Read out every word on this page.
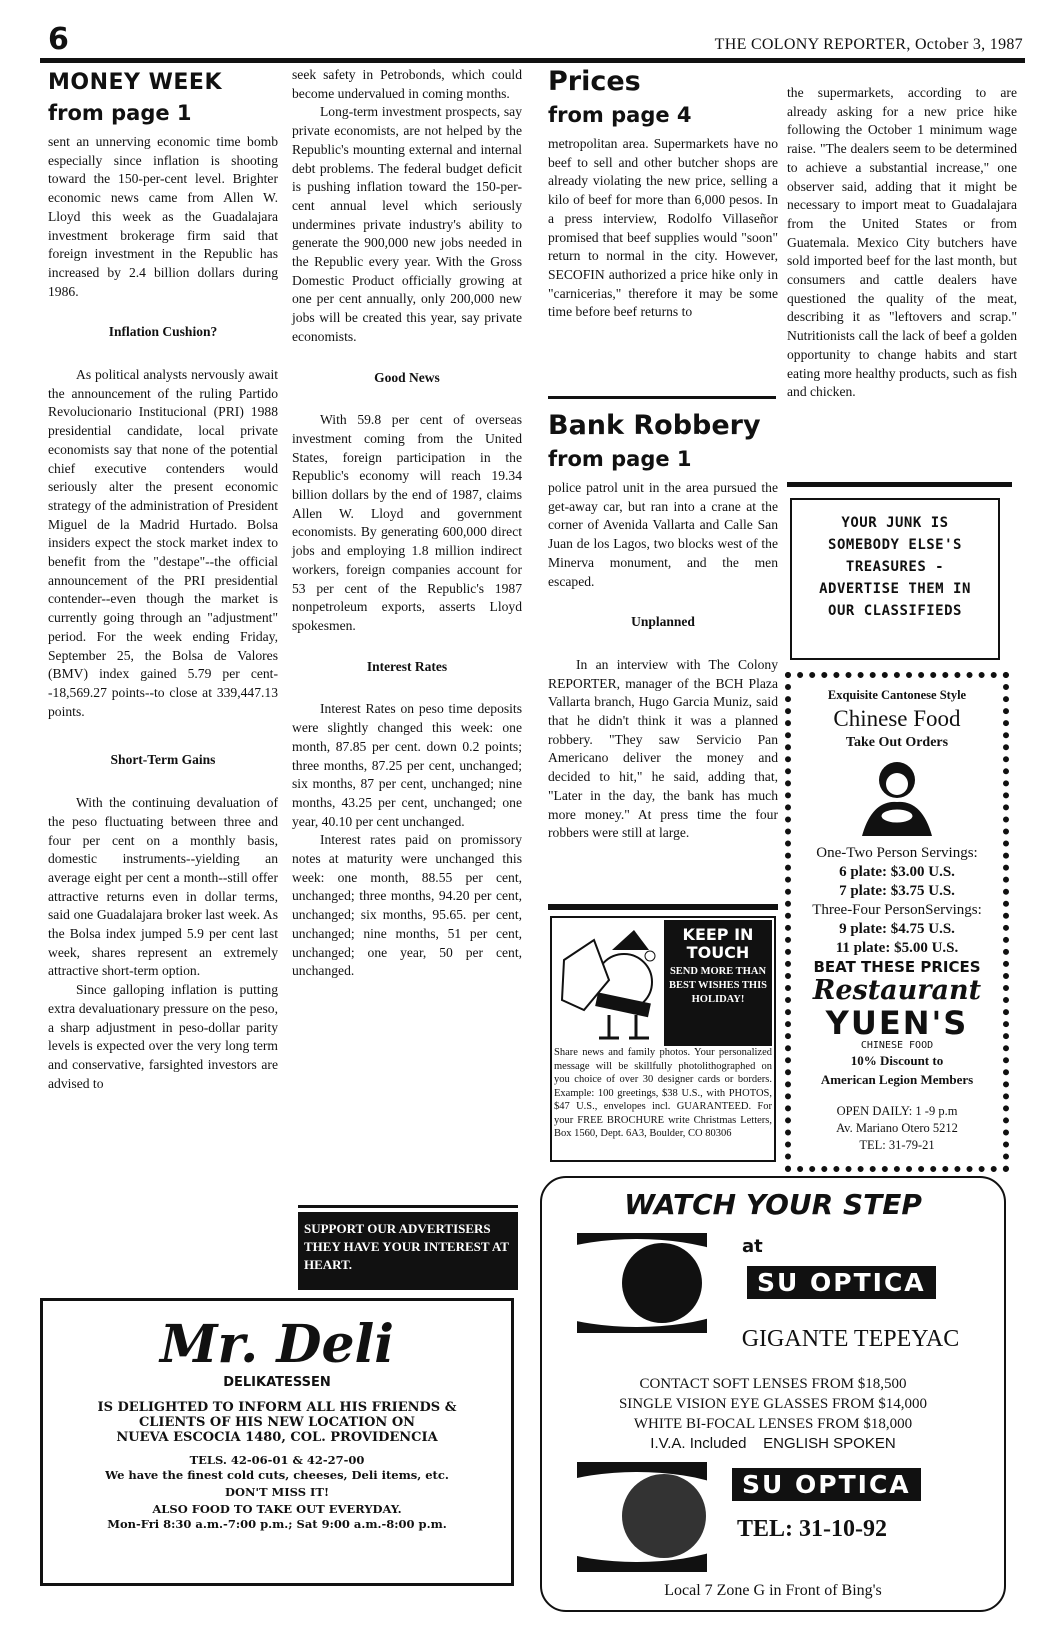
6	THE COLONY REPORTER, October 3, 1987
MONEY WEEK
from page 1

sent an unnerving economic time bomb especially since inflation is shooting toward the 150-per-cent level. Brighter economic news came from Allen W. Lloyd this week as the Guadalajara investment brokerage firm said that foreign investment in the Republic has increased by 2.4 billion dollars during 1986.

Inflation Cushion?

As political analysts nervously await the announcement of the ruling Partido Revolucionario Institucional (PRI) 1988 presidential candidate, local private economists say that none of the potential chief executive contenders would seriously alter the present economic strategy of the administration of President Miguel de la Madrid Hurtado. Bolsa insiders expect the stock market index to benefit from the "destape"--the official announcement of the PRI presidential contender--even though the market is currently going through an "adjustment" period. For the week ending Friday, September 25, the Bolsa de Valores (BMV) index gained 5.79 per cent--18,569.27 points--to close at 339,447.13 points.

Short-Term Gains

With the continuing devaluation of the peso fluctuating between three and four per cent on a monthly basis, domestic instruments--yielding an average eight per cent a month--still offer attractive returns even in dollar terms, said one Guadalajara broker last week. As the Bolsa index jumped 5.9 per cent last week, shares represent an extremely attractive short-term option.

Since galloping inflation is putting extra devaluationary pressure on the peso, a sharp adjustment in peso-dollar parity levels is expected over the very long term and conservative, farsighted investors are advised to

seek safety in Petrobonds, which could become undervalued in coming months.

Long-term investment prospects, say private economists, are not helped by the Republic's mounting external and internal debt problems. The federal budget deficit is pushing inflation toward the 150-per-cent annual level which seriously undermines private industry's ability to generate the 900,000 new jobs needed in the Republic every year. With the Gross Domestic Product officially growing at one per cent annually, only 200,000 new jobs will be created this year, say private economists.

Good News

With 59.8 per cent of overseas investment coming from the United States, foreign participation in the Republic's economy will reach 19.34 billion dollars by the end of 1987, claims Allen W. Lloyd and government economists. By generating 600,000 direct jobs and employing 1.8 million indirect workers, foreign companies account for 53 per cent of the Republic's 1987 nonpetroleum exports, asserts Lloyd spokesmen.

Interest Rates

Interest Rates on peso time deposits were slightly changed this week: one month, 87.85 per cent. down 0.2 points; three months, 87.25 per cent, unchanged; six months, 87 per cent, unchanged; nine months, 43.25 per cent, unchanged; one year, 40.10 per cent unchanged.

Interest rates paid on promissory notes at maturity were unchanged this week: one month, 88.55 per cent, unchanged; three months, 94.20 per cent, unchanged; six months, 95.65. per cent, unchanged; nine months, 51 per cent, unchanged; one year, 50 per cent, unchanged.

SUPPORT OUR ADVERTISERS THEY HAVE YOUR INTEREST AT HEART.
Prices
from page 4

metropolitan area. Supermarkets have no beef to sell and other butcher shops are already violating the new price, selling a kilo of beef for more than 6,000 pesos. In a press interview, Rodolfo Villaseñor promised that beef supplies would "soon" return to normal in the city. However, SECOFIN authorized a price hike only in "carnicerias," therefore it may be some time before beef returns to

Bank Robbery
from page 1

police patrol unit in the area pursued the get-away car, but ran into a crane at the corner of Avenida Vallarta and Calle San Juan de los Lagos, two blocks west of the Minerva monument, and the men escaped.

Unplanned

In an interview with The Colony REPORTER, manager of the BCH Plaza Vallarta branch, Hugo Garcia Muniz, said that he didn't think it was a planned robbery. "They saw Servicio Pan Americano deliver the money and decided to hit," he said, adding that, "Later in the day, the bank has much more money." At press time the four robbers were still at large.

KEEP IN TOUCH
SEND MORE THAN BEST WISHES THIS HOLIDAY!
Share news and family photos. Your personalized message will be skillfully photolithographed on you choice of over 30 designer cards or borders. Example: 100 greetings, $38 U.S., with PHOTOS, $47 U.S., envelopes incl. GUARANTEED. For your FREE BROCHURE write Christmas Letters, Box 1560, Dept. 6A3, Boulder, CO 80306

the supermarkets, according to are already asking for a new price hike following the October 1 minimum wage raise. "The dealers seem to be determined to achieve a substantial increase," one observer said, adding that it might be necessary to import meat to Guadalajara from the United States or from Guatemala. Mexico City butchers have sold imported beef for the last month, but consumers and cattle dealers have questioned the quality of the meat, describing it as "leftovers and scrap." Nutritionists call the lack of beef a golden opportunity to change habits and start eating more healthy products, such as fish and chicken.

YOUR JUNK IS
SOMEBODY ELSE'S
TREASURES -
ADVERTISE THEM IN
OUR CLASSIFIEDS
Exquisite Cantonese Style
Chinese Food
Take Out Orders
One-Two Person Servings:
6 plate: $3.00 U.S.
7 plate: $3.75 U.S.
Three-Four PersonServings:
9 plate: $4.75 U.S.
11 plate: $5.00 U.S.
BEAT THESE PRICES
Restaurant
YUEN'S
CHINESE FOOD
10% Discount to
American Legion Members
OPEN DAILY: 1 -9 p.m
Av. Mariano Otero 5212
TEL: 31-79-21
Mr. Deli
DELIKATESSEN
IS DELIGHTED TO INFORM ALL HIS FRIENDS &
CLIENTS OF HIS NEW LOCATION ON
NUEVA ESCOCIA 1480, COL. PROVIDENCIA
TELS. 42-06-01 & 42-27-00
We have the finest cold cuts, cheeses, Deli items, etc.
DON'T MISS IT!
ALSO FOOD TO TAKE OUT EVERYDAY.
Mon-Fri 8:30 a.m.-7:00 p.m.; Sat 9:00 a.m.-8:00 p.m.
WATCH YOUR STEP
at
SU OPTICA
GIGANTE TEPEYAC
CONTACT SOFT LENSES FROM $18,500
SINGLE VISION EYE GLASSES FROM $14,000
WHITE BI-FOCAL LENSES FROM $18,000
I.V.A. Included ENGLISH SPOKEN
SU OPTICA
TEL: 31-10-92
Local 7 Zone G in Front of Bing's
